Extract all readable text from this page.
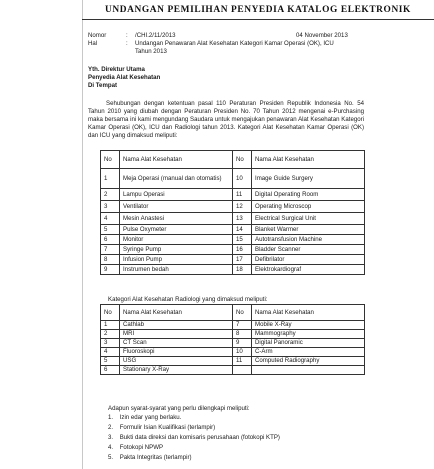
UNDANGAN PEMILIHAN PENYEDIA KATALOG ELEKTRONIK
Nomor	: /CHI.2/11/2013	04 November 2013
Hal	: Undangan Penawaran Alat Kesehatan Kategori Kamar Operasi (OK), ICU
Tahun 2013
Yth. Direktur Utama
Penyedia Alat Kesehatan
Di Tempat
Sehubungan dengan ketentuan pasal 110 Peraturan Presiden Republik Indonesia No. 54 Tahun 2010 yang diubah dengan Peraturan Presiden No. 70 Tahun 2012 mengenai e-Purchasing maka bersama ini kami mengundang Saudara untuk mengajukan penawaran Alat Kesehatan Kategori Kamar Operasi (OK), ICU dan Radiologi tahun 2013. Kategori Alat Kesehatan Kamar Operasi (OK) dan ICU yang dimaksud meliputi:
No	Nama Alat Kesehatan	No	Nama Alat Kesehatan
1	Meja Operasi (manual dan otomatis)	10	Image Guide Surgery
2	Lampu Operasi	11	Digital Operating Room
3	Ventilator	12	Operating Microscop
4	Mesin Anastesi	13	Electrical Surgical Unit
5	Pulse Oxymeter	14	Blanket Warmer
6	Monitor	15	Autotransfusion Machine
7	Syringe Pump	16	Bladder Scanner
8	Infusion Pump	17	Defibrilator
9	Instrumen bedah	18	Elektrokardiograf
Kategori Alat Kesehatan Radiologi yang dimaksud meliputi:
No	Nama Alat Kesehatan	No	Nama Alat Kesehatan
1	Cathlab	7	Mobile X-Ray
2	MRI	8	Mammography
3	CT Scan	9	Digital Panoramic
4	Fluoroskopi	10	C-Arm
5	USG	11	Computed Radiography
6	Stationary X-Ray		
Adapun syarat-syarat yang perlu dilengkapi meliputi:
1. Izin edar yang berlaku.
2. Formulir Isian Kualifikasi (terlampir)
3. Bukti data direksi dan komisaris perusahaan (fotokopi KTP)
4. Fotokopi NPWP
5. Pakta Integritas (terlampir)
